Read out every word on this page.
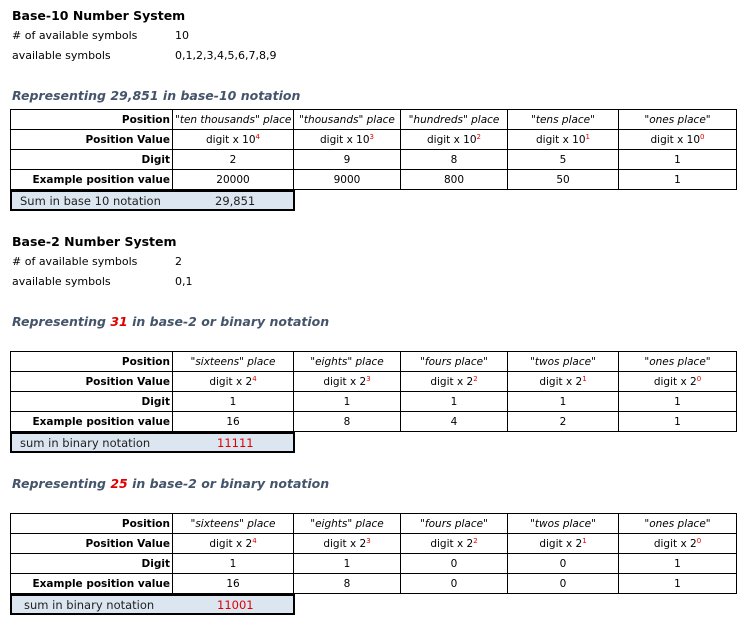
Base-10 Number System
# of available symbols	10
available symbols	0,1,2,3,4,5,6,7,8,9
Representing 29,851 in base-10 notation
Position	"ten thousands" place	"thousands" place	"hundreds" place	"tens place"	"ones place"
Position Value	digit x $10^4$	digit x $10^3$	digit x $10^2$	digit x $10^1$	digit x $10^0$
Digit	2	9	8	5	1
Example position value	20000	9000	800	50	1
Sum in base 10 notation	29,851
Base-2 Number System
# of available symbols	2
available symbols	0,1
Representing 31 in base-2 or binary notation
Position	"sixteens" place	"eights" place	"fours place"	"twos place"	"ones place"
Position Value	digit x $2^4$	digit x $2^3$	digit x $2^2$	digit x $2^1$	digit x $2^0$
Digit	1	1	1	1	1
Example position value	16	8	4	2	1
sum in binary notation	11111
Representing 25 in base-2 or binary notation
Position	"sixteens" place	"eights" place	"fours place"	"twos place"	"ones place"
Position Value	digit x $2^4$	digit x $2^3$	digit x $2^2$	digit x $2^1$	digit x $2^0$
Digit	1	1	0	0	1
Example position value	16	8	0	0	1
sum in binary notation	11001
